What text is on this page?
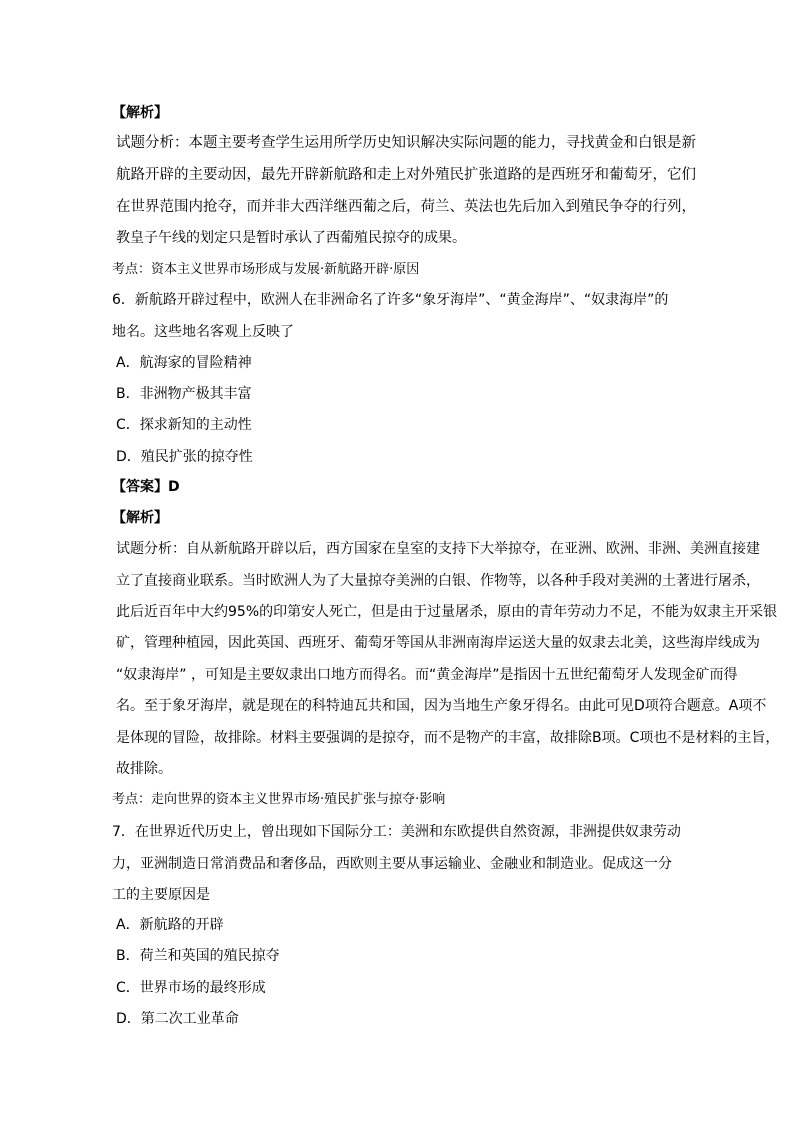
【解析】
试题分析：本题主要考查学生运用所学历史知识解决实际问题的能力，寻找黄金和白银是新
航路开辟的主要动因，最先开辟新航路和走上对外殖民扩张道路的是西班牙和葡萄牙，它们
在世界范围内抢夺，而并非大西洋继西葡之后，荷兰、英法也先后加入到殖民争夺的行列，
教皇子午线的划定只是暂时承认了西葡殖民掠夺的成果。
考点：资本主义世界市场形成与发展·新航路开辟·原因
6．新航路开辟过程中，欧洲人在非洲命名了许多“象牙海岸”、“黄金海岸”、“奴隶海岸”的
地名。这些地名客观上反映了
A．航海家的冒险精神
B．非洲物产极其丰富
C．探求新知的主动性
D．殖民扩张的掠夺性
【答案】D
【解析】
试题分析：自从新航路开辟以后，西方国家在皇室的支持下大举掠夺，在亚洲、欧洲、非洲、美洲直接建
立了直接商业联系。当时欧洲人为了大量掠夺美洲的白银、作物等，以各种手段对美洲的土著进行屠杀，
此后近百年中大约95%的印第安人死亡，但是由于过量屠杀，原由的青年劳动力不足，不能为奴隶主开采银
矿，管理种植园，因此英国、西班牙、葡萄牙等国从非洲南海岸运送大量的奴隶去北美，这些海岸线成为
“奴隶海岸” ，可知是主要奴隶出口地方而得名。而“黄金海岸”是指因十五世纪葡萄牙人发现金矿而得
名。至于象牙海岸，就是现在的科特迪瓦共和国，因为当地生产象牙得名。由此可见D项符合题意。A项不
是体现的冒险，故排除。材料主要强调的是掠夺，而不是物产的丰富，故排除B项。C项也不是材料的主旨，
故排除。
考点：走向世界的资本主义世界市场·殖民扩张与掠夺·影响
7．在世界近代历史上，曾出现如下国际分工：美洲和东欧提供自然资源，非洲提供奴隶劳动
力，亚洲制造日常消费品和奢侈品，西欧则主要从事运输业、金融业和制造业。促成这一分
工的主要原因是
A．新航路的开辟
B．荷兰和英国的殖民掠夺
C．世界市场的最终形成
D．第二次工业革命
